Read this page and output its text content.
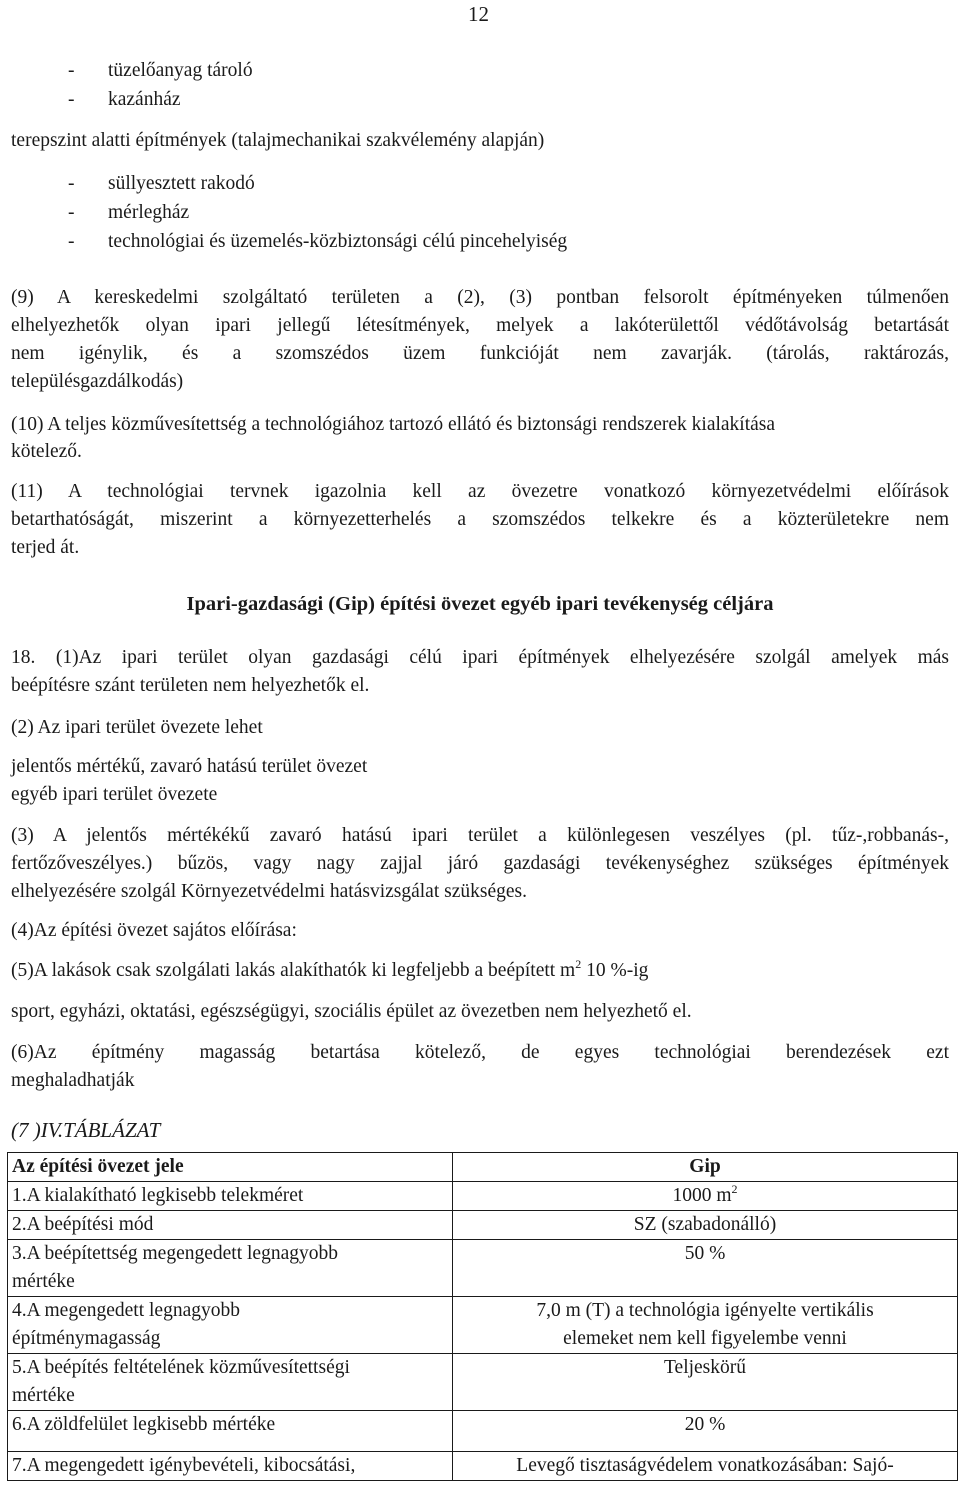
12
- tüzelőanyag tároló
- kazánház
terepszint alatti építmények (talajmechanikai szakvélemény alapján)
- süllyesztett rakodó
- mérlegház
- technológiai és üzemelés-közbiztonsági célú pincehelyiség
(9) A kereskedelmi szolgáltató területen a (2), (3) pontban felsorolt építményeken túlmenően
elhelyezhetők olyan ipari jellegű létesítmények, melyek a lakóterülettől védőtávolság betartását
nem igénylik, és a szomszédos üzem funkcióját nem zavarják. (tárolás, raktározás,
településgazdálkodás)
(10) A teljes közművesítettség a technológiához tartozó ellátó és biztonsági rendszerek kialakítása
kötelező.
(11) A technológiai tervnek igazolnia kell az övezetre vonatkozó környezetvédelmi előírások
betarthatóságát, miszerint a környezetterhelés a szomszédos telkekre és a közterületekre nem
terjed át.
Ipari-gazdasági (Gip) építési övezet egyéb ipari tevékenység céljára
18. (1)Az ipari terület olyan gazdasági célú ipari építmények elhelyezésére szolgál amelyek más
beépítésre szánt területen nem helyezhetők el.
(2) Az ipari terület övezete lehet
jelentős mértékű, zavaró hatású terület övezet
egyéb ipari terület övezete
(3) A jelentős mértékékű zavaró hatású ipari terület a különlegesen veszélyes (pl. tűz-,robbanás-,
fertőzőveszélyes.) bűzös, vagy nagy zajjal járó gazdasági tevékenységhez szükséges építmények
elhelyezésére szolgál Környezetvédelmi hatásvizsgálat szükséges.
(4)Az építési övezet sajátos előírása:
(5)A lakások csak szolgálati lakás alakíthatók ki legfeljebb a beépített $m^2$ 10 %-ig
sport, egyházi, oktatási, egészségügyi, szociális épület az övezetben nem helyezhető el.
(6)Az építmény magasság betartása kötelező, de egyes technológiai berendezések ezt
meghaladhatják
(7 )IV.TÁBLÁZAT
Az építési övezet jele	Gip
1.A kialakítható legkisebb telekméret	1000 $m^2$
2.A beépítési mód	SZ (szabadonálló)
3.A beépítettség megengedett legnagyobb
mértéke	50 %
4.A megengedett legnagyobb
építménymagasság	7,0 m (T) a technológia igényelte vertikális
elemeket nem kell figyelembe venni
5.A beépítés feltételének közművesítettségi
mértéke	Teljeskörű
6.A zöldfelület legkisebb mértéke	20 %
7.A megengedett igénybevételi, kibocsátási,	Levegő tisztaságvédelem vonatkozásában: Sajó-
